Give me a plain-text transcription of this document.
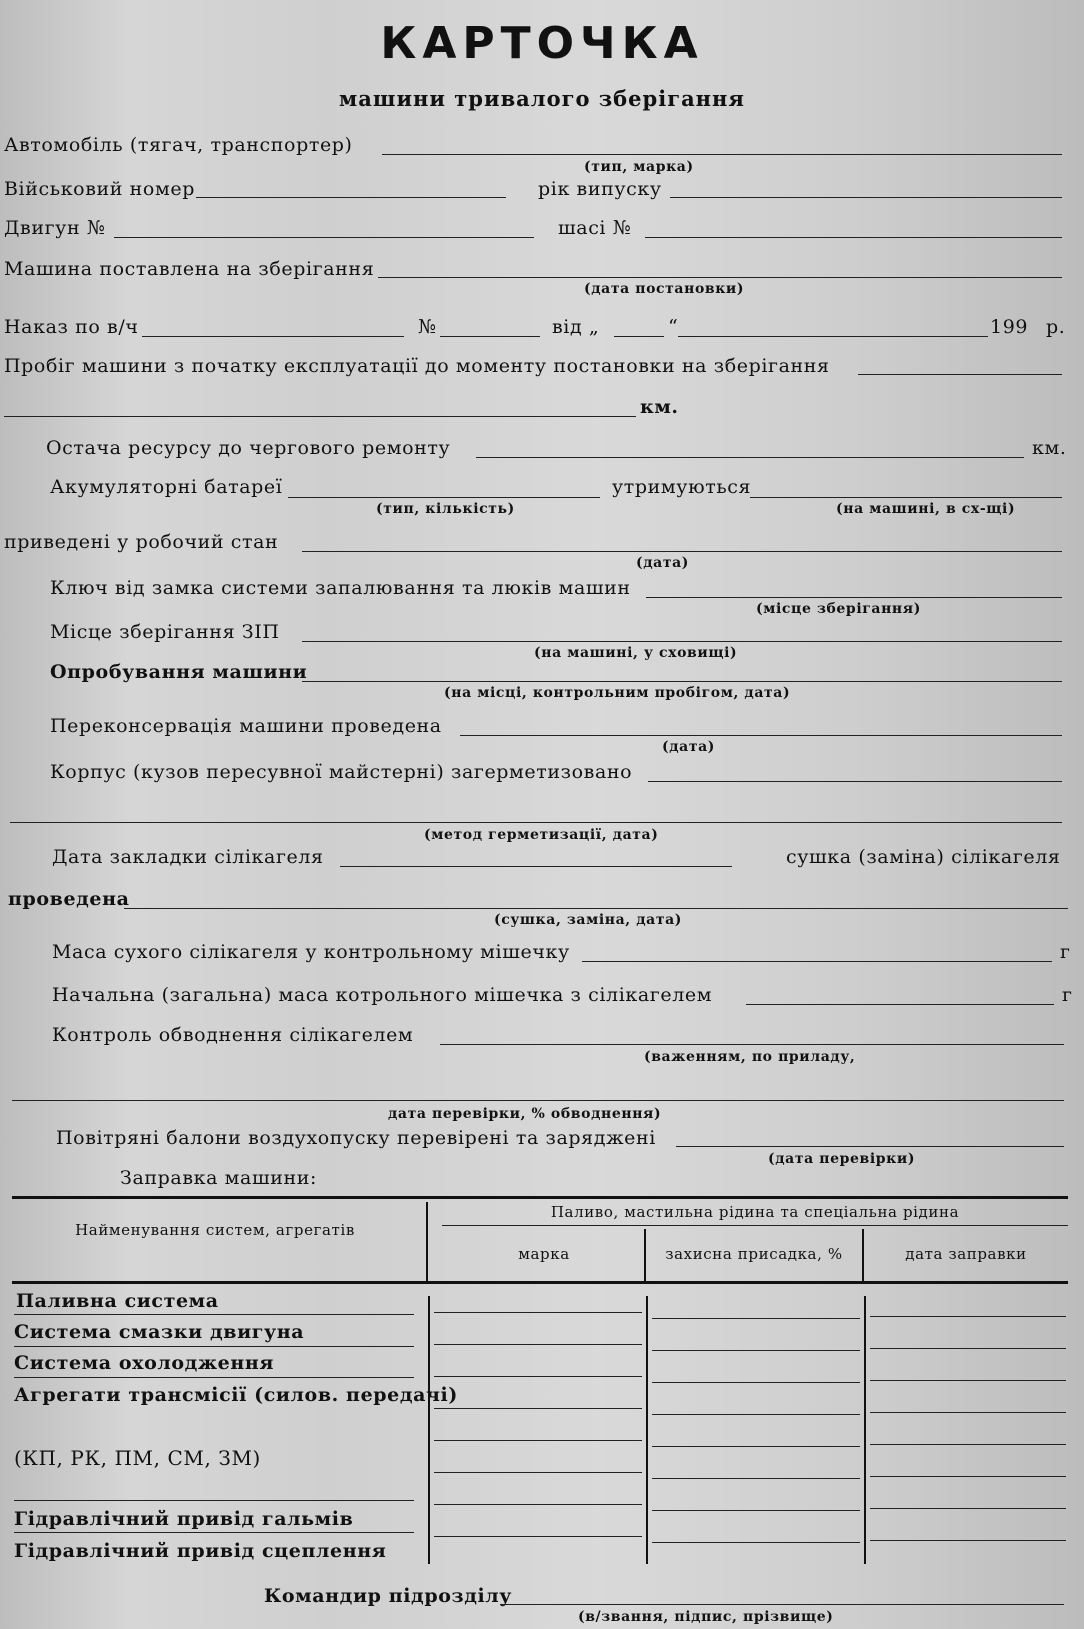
КАРТОЧКА
машини тривалого зберігання
Автомобіль (тягач, транспортер)
(тип, марка)
Військовий номер	рік випуску
Двигун №	шасі №
Машина поставлена на зберігання
(дата постановки)
Наказ по в/ч	№	від „	“	199 р.
Пробіг машини з початку експлуатації до моменту постановки на зберігання
км.
Остача ресурсу до чергового ремонту	км.
Акумуляторні батареї
(тип, кількість)
утримуються
(на машині, в сх-щі)
приведені у робочий стан
(дата)
Ключ від замка системи запалювання та люків машин
(місце зберігання)
Місце зберігання ЗІП
(на машині, у сховищі)
Опробування машини
(на місці, контрольним пробігом, дата)
Переконсервація машини проведена
(дата)
Корпус (кузов пересувної майстерні) загерметизовано
(метод герметизації, дата)
Дата закладки сілікагеля	сушка (заміна) сілікагеля
проведена
(сушка, заміна, дата)
Маса сухого сілікагеля у контрольному мішечку	г
Начальна (загальна) маса котрольного мішечка з сілікагелем	г
Контроль обводнення сілікагелем
(важенням, по приладу,
дата перевірки, % обводнення)
Повітряні балони воздухопуску перевірені та заряджені
(дата перевірки)
Заправка машини:
Найменування систем, агрегатів
Паливо, мастильна рідина та спеціальна рідина
марка	захисна присадка, %	дата заправки
Паливна система
Система смазки двигуна
Система охолодження
Агрегати трансмісії (силов. передачі)
(КП, РК, ПМ, СМ, ЗМ)
Гідравлічний привід гальмів
Гідравлічний привід сцеплення
Командир підрозділу
(в/звання, підпис, прізвище)
